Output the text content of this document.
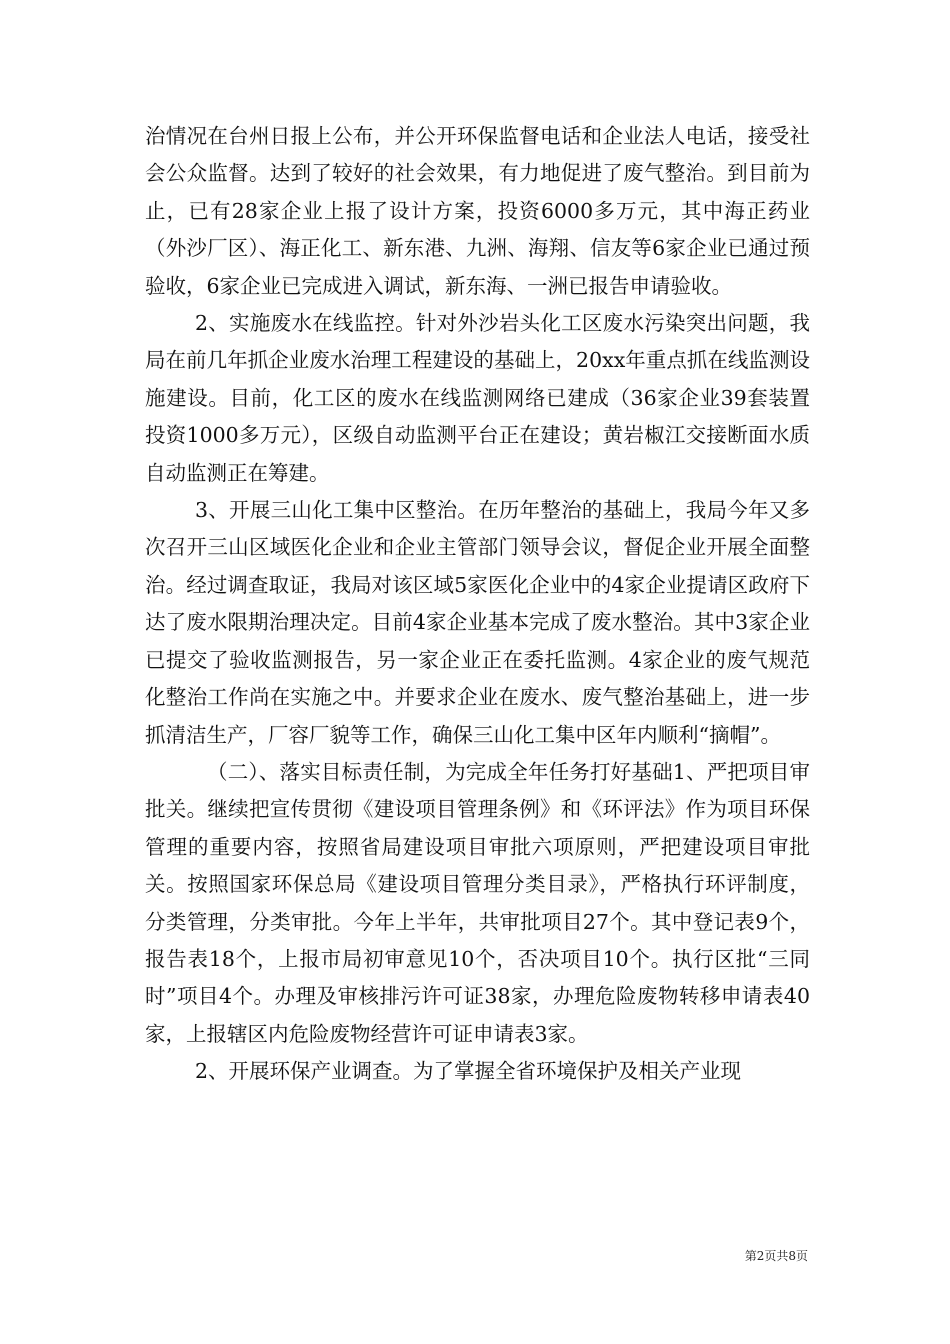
治情况在台州日报上公布，并公开环保监督电话和企业法人电话，接受社会公众监督。达到了较好的社会效果，有力地促进了废气整治。到目前为止，已有28家企业上报了设计方案，投资6000多万元，其中海正药业（外沙厂区）、海正化工、新东港、九洲、海翔、信友等6家企业已通过预验收，6家企业已完成进入调试，新东海、一洲已报告申请验收。

2、实施废水在线监控。针对外沙岩头化工区废水污染突出问题，我局在前几年抓企业废水治理工程建设的基础上，20xx年重点抓在线监测设施建设。目前，化工区的废水在线监测网络已建成（36家企业39套装置投资1000多万元），区级自动监测平台正在建设；黄岩椒江交接断面水质自动监测正在筹建。

3、开展三山化工集中区整治。在历年整治的基础上，我局今年又多次召开三山区域医化企业和企业主管部门领导会议，督促企业开展全面整治。经过调查取证，我局对该区域5家医化企业中的4家企业提请区政府下达了废水限期治理决定。目前4家企业基本完成了废水整治。其中3家企业已提交了验收监测报告，另一家企业正在委托监测。4家企业的废气规范化整治工作尚在实施之中。并要求企业在废水、废气整治基础上，进一步抓清洁生产，厂容厂貌等工作，确保三山化工集中区年内顺利“摘帽”。

（二）、落实目标责任制，为完成全年任务打好基础1、严把项目审批关。继续把宣传贯彻《建设项目管理条例》和《环评法》作为项目环保管理的重要内容，按照省局建设项目审批六项原则，严把建设项目审批关。按照国家环保总局《建设项目管理分类目录》，严格执行环评制度，分类管理，分类审批。今年上半年，共审批项目27个。其中登记表9个，报告表18个，上报市局初审意见10个，否决项目10个。执行区批“三同时”项目4个。办理及审核排污许可证38家，办理危险废物转移申请表40家，上报辖区内危险废物经营许可证申请表3家。

2、开展环保产业调查。为了掌握全省环境保护及相关产业现

第2页共8页
